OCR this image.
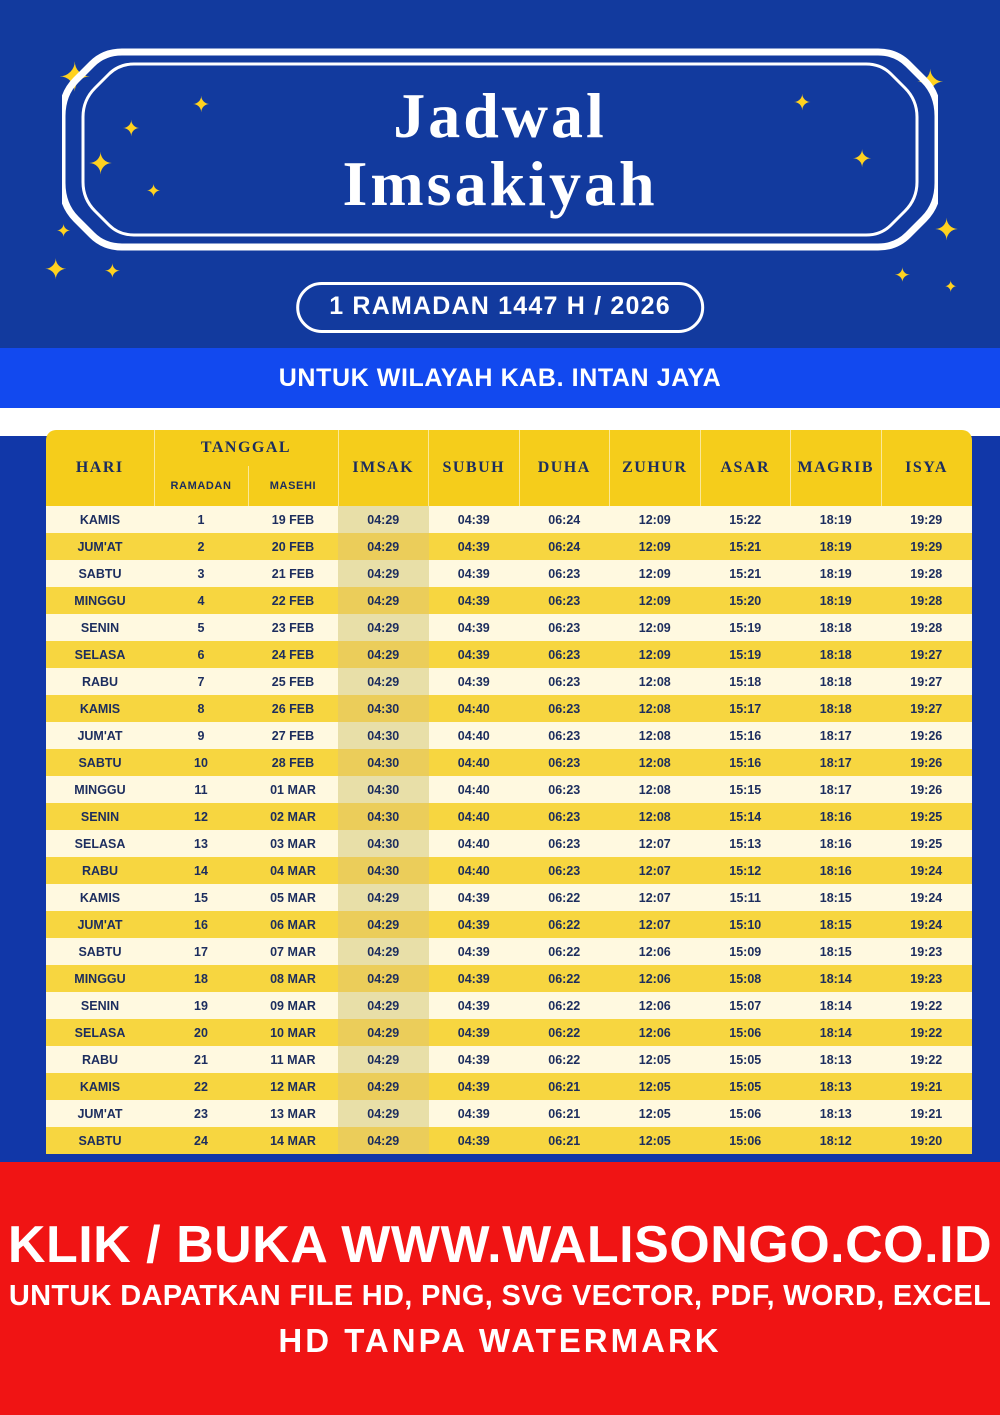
✦
✦
✦
✦
✦ ✦
✦
✦
✦
✦
✦
✦
✦
✦
Jadwal
Imsakiyah
1 RAMADAN 1447 H / 2026
UNTUK WILAYAH KAB. INTAN JAYA
HARI	TANGGAL		IMSAK	SUBUH	DUHA	ZUHUR	ASAR	MAGRIB	ISYA
	RAMADAN	MASEHI							
KAMIS	1	19 FEB	04:29	04:39	06:24	12:09	15:22	18:19	19:29
JUM'AT	2	20 FEB	04:29	04:39	06:24	12:09	15:21	18:19	19:29
SABTU	3	21 FEB	04:29	04:39	06:23	12:09	15:21	18:19	19:28
MINGGU	4	22 FEB	04:29	04:39	06:23	12:09	15:20	18:19	19:28
SENIN	5	23 FEB	04:29	04:39	06:23	12:09	15:19	18:18	19:28
SELASA	6	24 FEB	04:29	04:39	06:23	12:09	15:19	18:18	19:27
RABU	7	25 FEB	04:29	04:39	06:23	12:08	15:18	18:18	19:27
KAMIS	8	26 FEB	04:30	04:40	06:23	12:08	15:17	18:18	19:27
JUM'AT	9	27 FEB	04:30	04:40	06:23	12:08	15:16	18:17	19:26
SABTU	10	28 FEB	04:30	04:40	06:23	12:08	15:16	18:17	19:26
MINGGU	11	01 MAR	04:30	04:40	06:23	12:08	15:15	18:17	19:26
SENIN	12	02 MAR	04:30	04:40	06:23	12:08	15:14	18:16	19:25
SELASA	13	03 MAR	04:30	04:40	06:23	12:07	15:13	18:16	19:25
RABU	14	04 MAR	04:30	04:40	06:23	12:07	15:12	18:16	19:24
KAMIS	15	05 MAR	04:29	04:39	06:22	12:07	15:11	18:15	19:24
JUM'AT	16	06 MAR	04:29	04:39	06:22	12:07	15:10	18:15	19:24
SABTU	17	07 MAR	04:29	04:39	06:22	12:06	15:09	18:15	19:23
MINGGU	18	08 MAR	04:29	04:39	06:22	12:06	15:08	18:14	19:23
SENIN	19	09 MAR	04:29	04:39	06:22	12:06	15:07	18:14	19:22
SELASA	20	10 MAR	04:29	04:39	06:22	12:06	15:06	18:14	19:22
RABU	21	11 MAR	04:29	04:39	06:22	12:05	15:05	18:13	19:22
KAMIS	22	12 MAR	04:29	04:39	06:21	12:05	15:05	18:13	19:21
JUM'AT	23	13 MAR	04:29	04:39	06:21	12:05	15:06	18:13	19:21
SABTU	24	14 MAR	04:29	04:39	06:21	12:05	15:06	18:12	19:20
KLIK / BUKA WWW.WALISONGO.CO.ID
UNTUK DAPATKAN FILE HD, PNG, SVG VECTOR, PDF, WORD, EXCEL
HD TANPA WATERMARK
